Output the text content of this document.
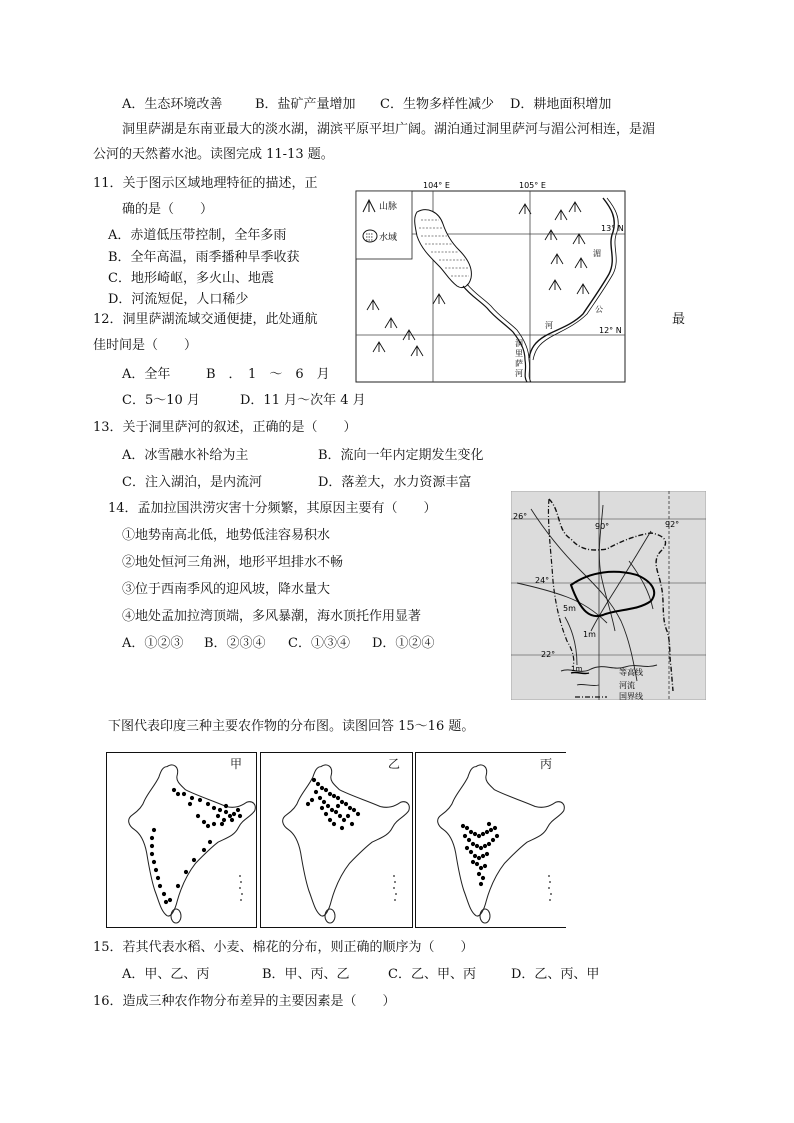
A．生态环境改善	B．盐矿产量增加 C．生物多样性减少 D．耕地面积增加
洞里萨湖是东南亚最大的淡水湖，湖滨平原平坦广阔。湖泊通过洞里萨河与湄公河相连，是湄
公河的天然蓄水池。读图完成 11-13 题。
11．关于图示区域地理特征的描述，正
确的是（　　）
A．赤道低压带控制，全年多雨
B．全年高温，雨季播种旱季收获
C．地形崎岖，多火山、地震
D．河流短促，人口稀少
12．洞里萨湖流域交通便捷，此处通航	最
佳时间是（　　）
A．全年	B　．　1　～　6　月
C．5～10 月	D．11 月～次年 4 月
13．关于洞里萨河的叙述，正确的是（　　）
A．冰雪融水补给为主	B．流向一年内定期发生变化
C．注入湖泊，是内流河	D．落差大，水力资源丰富
14．孟加拉国洪涝灾害十分频繁，其原因主要有（　　）
①地势南高北低，地势低洼容易积水
②地处恒河三角洲，地形平坦排水不畅
③位于西南季风的迎风坡，降水量大
④地处孟加拉湾顶端，多风暴潮，海水顶托作用显著
A．①②③ B．②③④ C．①③④ D．①②④
下图代表印度三种主要农作物的分布图。读图回答 15～16 题。
15．若其代表水稻、小麦、棉花的分布，则正确的顺序为（　　）
A．甲、乙、丙	B．甲、丙、乙	C．乙、甲、丙	D．乙、丙、甲
16．造成三种农作物分布差异的主要因素是（　　）
山脉
水域
104° E	105° E
13° N
12° N
洞
里
萨
河
湄
公
河
26°
24°
22°
90°	92°
5m
1m
1m	等高线
河流
国界线
甲	乙	丙
